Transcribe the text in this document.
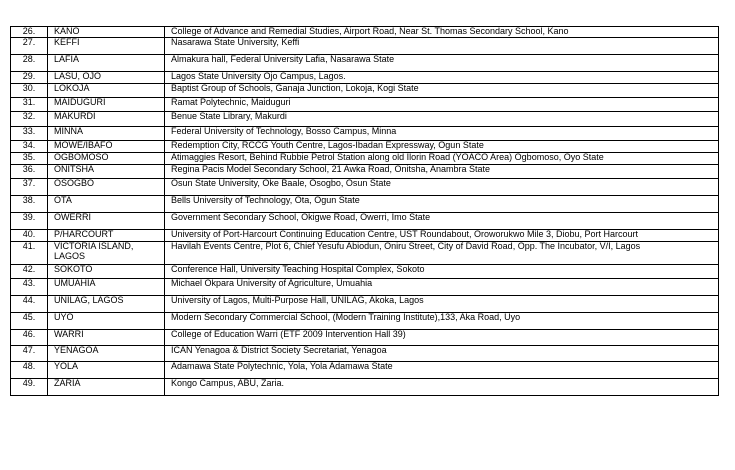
26.	KANO	College of Advance and Remedial Studies, Airport Road, Near St. Thomas Secondary School, Kano
27.	KEFFI	Nasarawa State University, Keffi
28.	LAFIA	Almakura hall, Federal University Lafia, Nasarawa State
29.	LASU, OJO	Lagos State University Ojo Campus, Lagos.
30.	LOKOJA	Baptist Group of Schools, Ganaja Junction, Lokoja, Kogi State
31.	MAIDUGURI	Ramat Polytechnic, Maiduguri
32.	MAKURDI	Benue State Library, Makurdi
33.	MINNA	Federal University of Technology, Bosso Campus, Minna
34.	MOWE/IBAFO	Redemption City, RCCG Youth Centre, Lagos-Ibadan Expressway, Ogun State
35.	OGBOMOSO	Atimaggies Resort, Behind Rubbie Petrol Station along old Ilorin Road (YOACO Area) Ogbomoso, Oyo State
36.	ONITSHA	Regina Pacis Model Secondary School, 21 Awka Road, Onitsha, Anambra State
37.	OSOGBO	Osun State University, Oke Baale, Osogbo, Osun State
38.	OTA	Bells University of Technology, Ota, Ogun State
39.	OWERRI	Government Secondary School, Okigwe Road, Owerri, Imo State
40.	P/HARCOURT	University of Port-Harcourt Continuing Education Centre, UST Roundabout, Oroworukwo Mile 3, Diobu, Port Harcourt
41.	VICTORIA ISLAND, LAGOS	Havilah Events Centre, Plot 6, Chief Yesufu Abiodun, Oniru Street, City of David Road, Opp. The Incubator, V/I, Lagos
42.	SOKOTO	Conference Hall, University Teaching Hospital Complex, Sokoto
43.	UMUAHIA	Michael Okpara University of Agriculture, Umuahia
44.	UNILAG, LAGOS	University of Lagos, Multi-Purpose Hall, UNILAG, Akoka, Lagos
45.	UYO	Modern Secondary Commercial School, (Modern Training Institute),133, Aka Road, Uyo
46.	WARRI	College of Education Warri (ETF 2009 Intervention Hall 39)
47.	YENAGOA	ICAN Yenagoa & District Society Secretariat, Yenagoa
48.	YOLA	Adamawa State Polytechnic, Yola, Yola Adamawa State
49.	ZARIA	Kongo Campus, ABU, Zaria.
